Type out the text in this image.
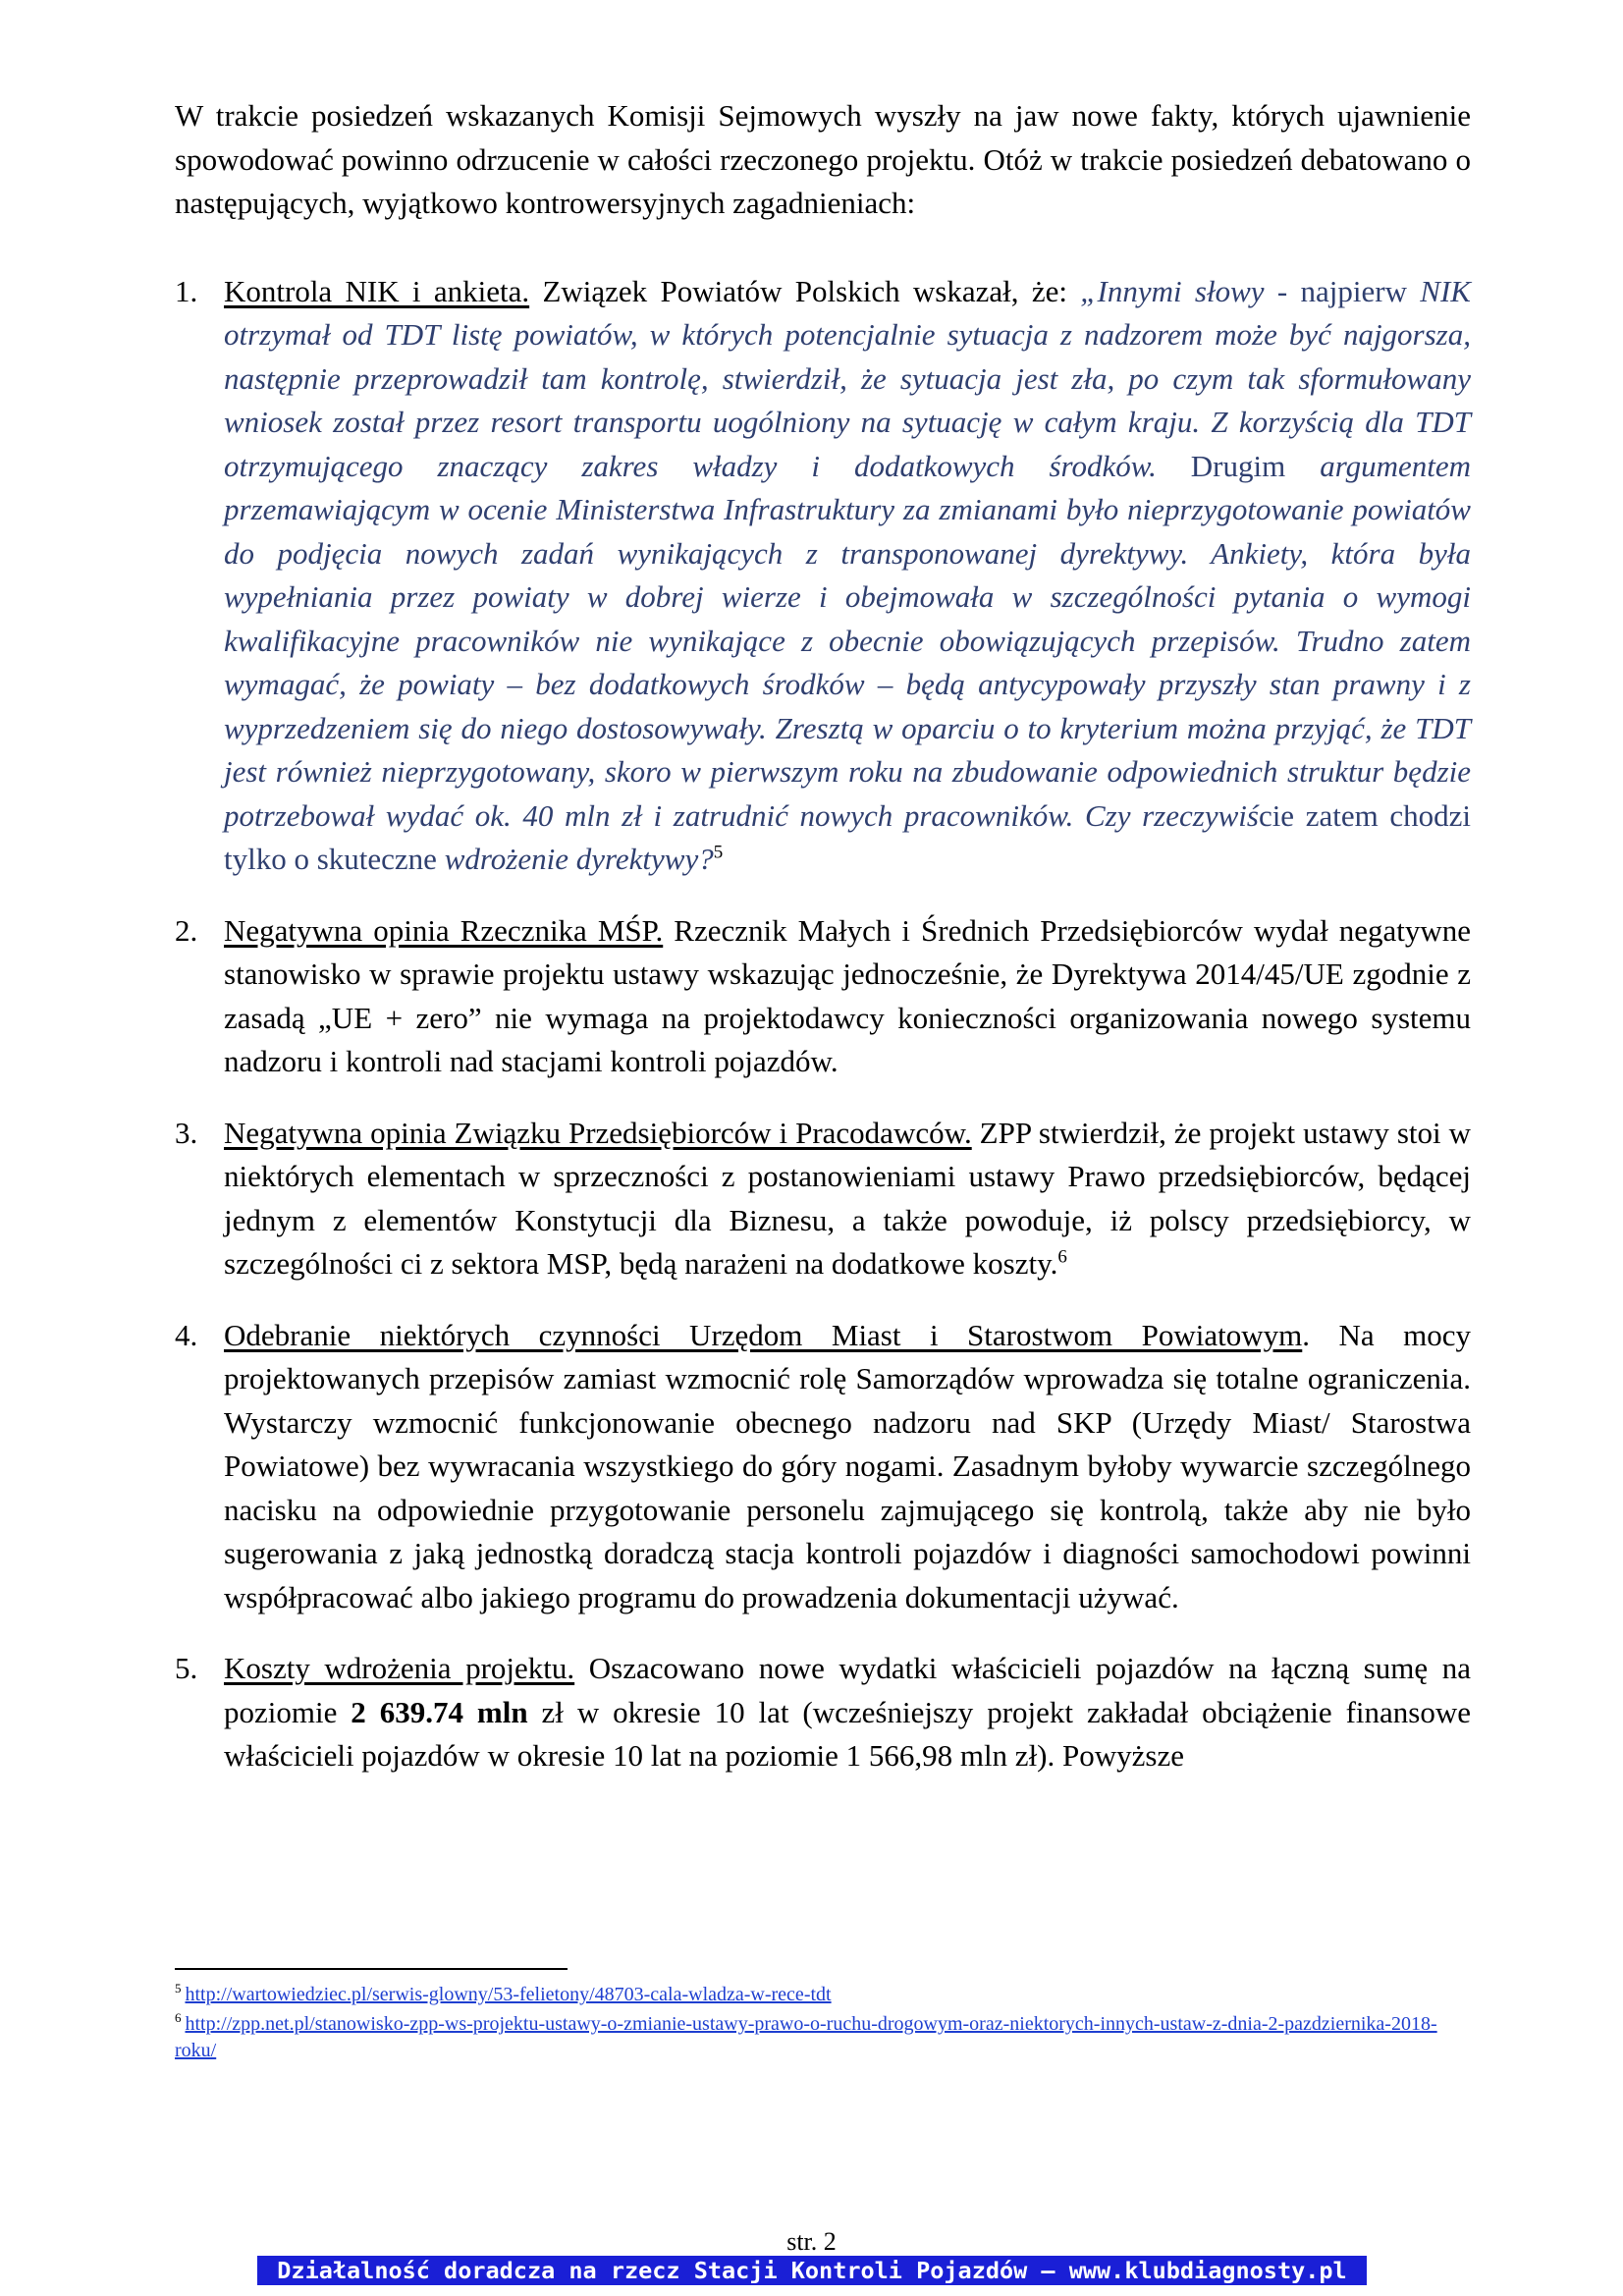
W trakcie posiedzeń wskazanych Komisji Sejmowych wyszły na jaw nowe fakty, których ujawnienie spowodować powinno odrzucenie w całości rzeczonego projektu. Otóż w trakcie posiedzeń debatowano o następujących, wyjątkowo kontrowersyjnych zagadnieniach:

1. Kontrola NIK i ankieta. Związek Powiatów Polskich wskazał, że: „Innymi słowy - najpierw NIK otrzymał od TDT listę powiatów, w których potencjalnie sytuacja z nadzorem może być najgorsza, następnie przeprowadził tam kontrolę, stwierdził, że sytuacja jest zła, po czym tak sformułowany wniosek został przez resort transportu uogólniony na sytuację w całym kraju. Z korzyścią dla TDT otrzymującego znaczący zakres władzy i dodatkowych środków. Drugim argumentem przemawiającym w ocenie Ministerstwa Infrastruktury za zmianami było nieprzygotowanie powiatów do podjęcia nowych zadań wynikających z transponowanej dyrektywy. Ankiety, która była wypełniania przez powiaty w dobrej wierze i obejmowała w szczególności pytania o wymogi kwalifikacyjne pracowników nie wynikające z obecnie obowiązujących przepisów. Trudno zatem wymagać, że powiaty – bez dodatkowych środków – będą antycypowały przyszły stan prawny i z wyprzedzeniem się do niego dostosowywały. Zresztą w oparciu o to kryterium można przyjąć, że TDT jest również nieprzygotowany, skoro w pierwszym roku na zbudowanie odpowiednich struktur będzie potrzebował wydać ok. 40 mln zł i zatrudnić nowych pracowników. Czy rzeczywiście zatem chodzi tylko o skuteczne wdrożenie dyrektywy?$^5$
2. Negatywna opinia Rzecznika MŚP. Rzecznik Małych i Średnich Przedsiębiorców wydał negatywne stanowisko w sprawie projektu ustawy wskazując jednocześnie, że Dyrektywa 2014/45/UE zgodnie z zasadą „UE + zero” nie wymaga na projektodawcy konieczności organizowania nowego systemu nadzoru i kontroli nad stacjami kontroli pojazdów.
3. Negatywna opinia Związku Przedsiębiorców i Pracodawców. ZPP stwierdził, że projekt ustawy stoi w niektórych elementach w sprzeczności z postanowieniami ustawy Prawo przedsiębiorców, będącej jednym z elementów Konstytucji dla Biznesu, a także powoduje, iż polscy przedsiębiorcy, w szczególności ci z sektora MSP, będą narażeni na dodatkowe koszty.$^6$
4. Odebranie niektórych czynności Urzędom Miast i Starostwom Powiatowym. Na mocy projektowanych przepisów zamiast wzmocnić rolę Samorządów wprowadza się totalne ograniczenia. Wystarczy wzmocnić funkcjonowanie obecnego nadzoru nad SKP (Urzędy Miast/ Starostwa Powiatowe) bez wywracania wszystkiego do góry nogami. Zasadnym byłoby wywarcie szczególnego nacisku na odpowiednie przygotowanie personelu zajmującego się kontrolą, także aby nie było sugerowania z jaką jednostką doradczą stacja kontroli pojazdów i diagności samochodowi powinni współpracować albo jakiego programu do prowadzenia dokumentacji używać.
5. Koszty wdrożenia projektu. Oszacowano nowe wydatki właścicieli pojazdów na łączną sumę na poziomie 2 639.74 mln zł w okresie 10 lat (wcześniejszy projekt zakładał obciążenie finansowe właścicieli pojazdów w okresie 10 lat na poziomie 1 566,98 mln zł). Powyższe

$^5$ http://wartowiedziec.pl/serwis-glowny/53-felietony/48703-cala-wladza-w-rece-tdt

$^6$ http://zpp.net.pl/stanowisko-zpp-ws-projektu-ustawy-o-zmianie-ustawy-prawo-o-ruchu-drogowym-oraz-niektorych-innych-ustaw-z-dnia-2-pazdziernika-2018-roku/

str. 2
Działalność doradcza na rzecz Stacji Kontroli Pojazdów – www.klubdiagnosty.pl
